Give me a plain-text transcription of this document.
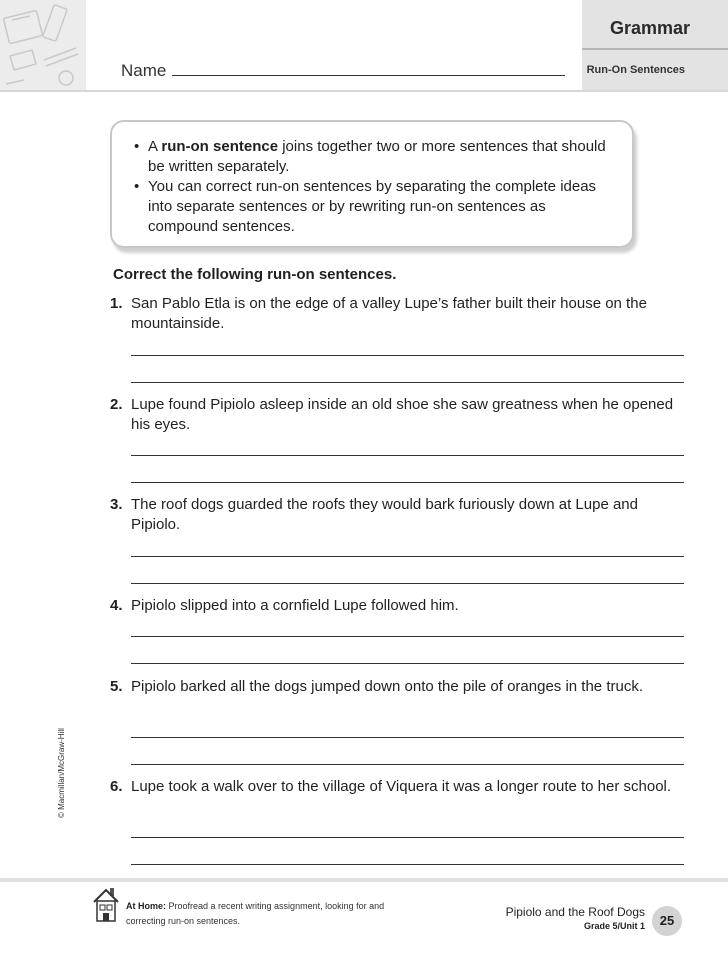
Grammar
Run-On Sentences
Name
• A run-on sentence joins together two or more sentences that should be written separately.
• You can correct run-on sentences by separating the complete ideas into separate sentences or by rewriting run-on sentences as compound sentences.
Correct the following run-on sentences.
1. San Pablo Etla is on the edge of a valley Lupe’s father built their house on the mountainside.
2. Lupe found Pipiolo asleep inside an old shoe she saw greatness when he opened his eyes.
3. The roof dogs guarded the roofs they would bark furiously down at Lupe and Pipiolo.
4. Pipiolo slipped into a cornfield Lupe followed him.
5. Pipiolo barked all the dogs jumped down onto the pile of oranges in the truck.
6. Lupe took a walk over to the village of Viquera it was a longer route to her school.
© Macmillan/McGraw-Hill
At Home: Proofread a recent writing assignment, looking for and correcting run-on sentences.
Pipiolo and the Roof Dogs
Grade 5/Unit 1	25
